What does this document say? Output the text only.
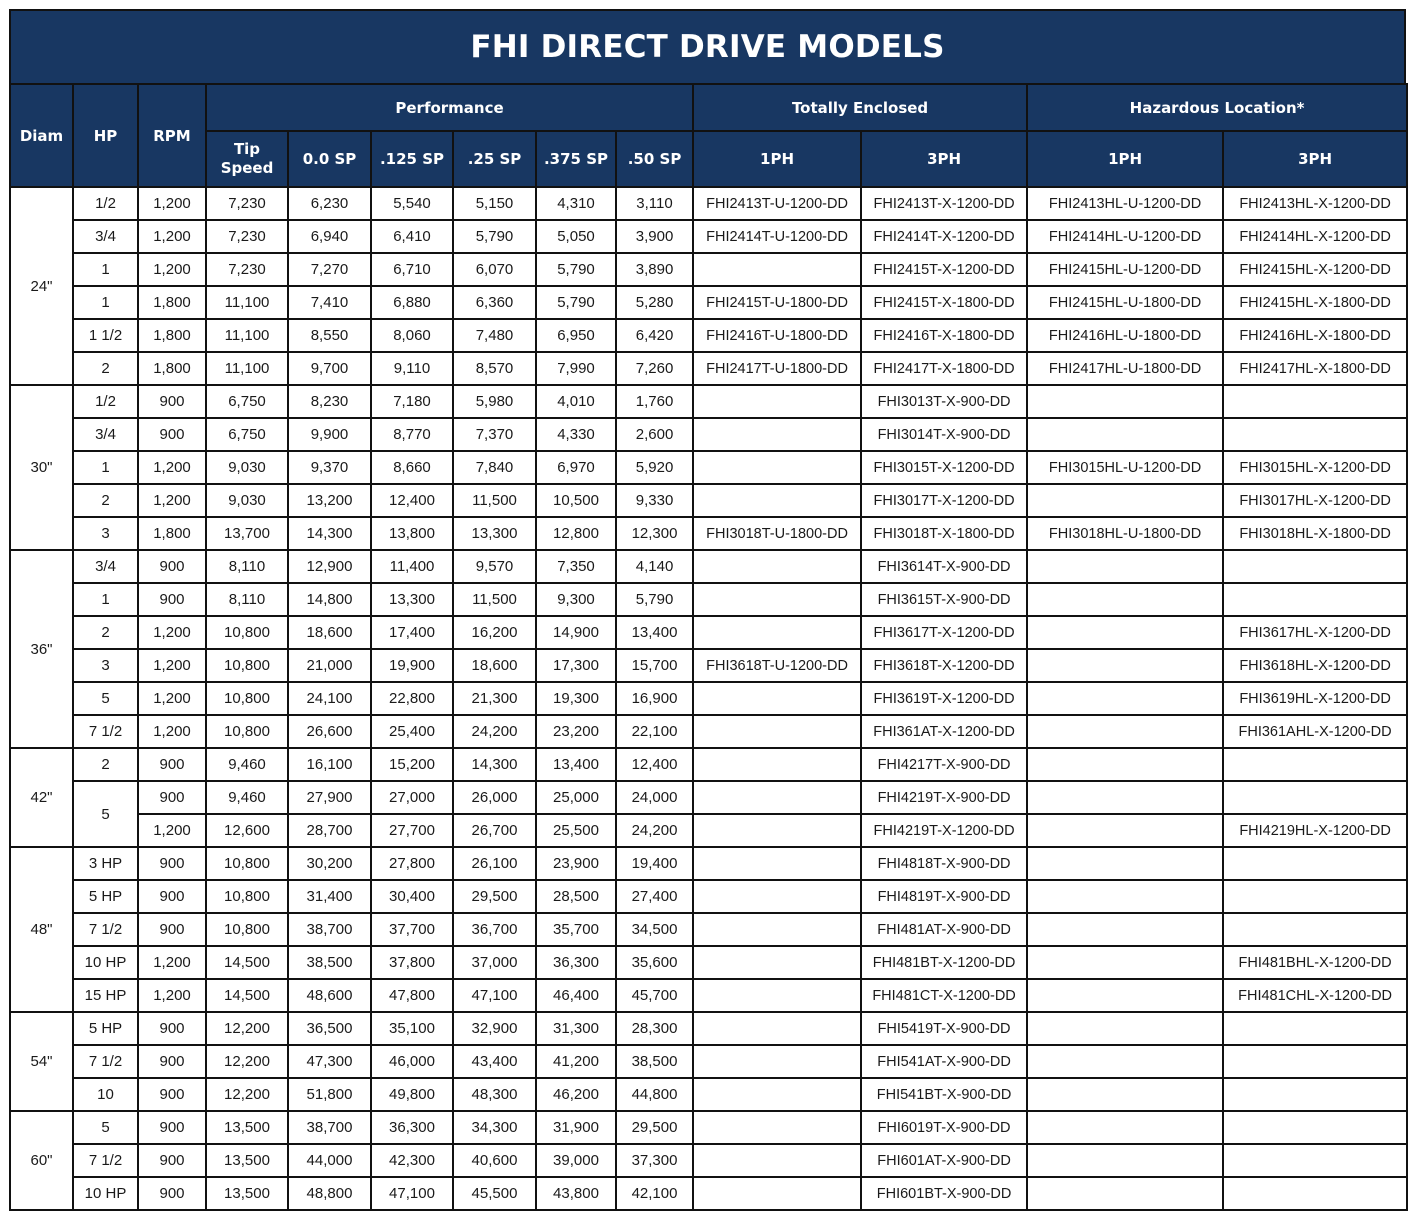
FHI DIRECT DRIVE MODELS
Diam	HP	RPM	Performance						Totally Enclosed		Hazardous Location*	
			Tip Speed	0.0 SP	.125 SP	.25 SP	.375 SP	.50 SP	1PH	3PH	1PH	3PH
24"	1/2	1,200	7,230	6,230	5,540	5,150	4,310	3,110	FHI2413T-U-1200-DD	FHI2413T-X-1200-DD	FHI2413HL-U-1200-DD	FHI2413HL-X-1200-DD
	3/4	1,200	7,230	6,940	6,410	5,790	5,050	3,900	FHI2414T-U-1200-DD	FHI2414T-X-1200-DD	FHI2414HL-U-1200-DD	FHI2414HL-X-1200-DD
	1	1,200	7,230	7,270	6,710	6,070	5,790	3,890		FHI2415T-X-1200-DD	FHI2415HL-U-1200-DD	FHI2415HL-X-1200-DD
	1	1,800	11,100	7,410	6,880	6,360	5,790	5,280	FHI2415T-U-1800-DD	FHI2415T-X-1800-DD	FHI2415HL-U-1800-DD	FHI2415HL-X-1800-DD
	1 1/2	1,800	11,100	8,550	8,060	7,480	6,950	6,420	FHI2416T-U-1800-DD	FHI2416T-X-1800-DD	FHI2416HL-U-1800-DD	FHI2416HL-X-1800-DD
	2	1,800	11,100	9,700	9,110	8,570	7,990	7,260	FHI2417T-U-1800-DD	FHI2417T-X-1800-DD	FHI2417HL-U-1800-DD	FHI2417HL-X-1800-DD
30"	1/2	900	6,750	8,230	7,180	5,980	4,010	1,760		FHI3013T-X-900-DD		
	3/4	900	6,750	9,900	8,770	7,370	4,330	2,600		FHI3014T-X-900-DD		
	1	1,200	9,030	9,370	8,660	7,840	6,970	5,920		FHI3015T-X-1200-DD	FHI3015HL-U-1200-DD	FHI3015HL-X-1200-DD
	2	1,200	9,030	13,200	12,400	11,500	10,500	9,330		FHI3017T-X-1200-DD		FHI3017HL-X-1200-DD
	3	1,800	13,700	14,300	13,800	13,300	12,800	12,300	FHI3018T-U-1800-DD	FHI3018T-X-1800-DD	FHI3018HL-U-1800-DD	FHI3018HL-X-1800-DD
36"	3/4	900	8,110	12,900	11,400	9,570	7,350	4,140		FHI3614T-X-900-DD		
	1	900	8,110	14,800	13,300	11,500	9,300	5,790		FHI3615T-X-900-DD		
	2	1,200	10,800	18,600	17,400	16,200	14,900	13,400		FHI3617T-X-1200-DD		FHI3617HL-X-1200-DD
	3	1,200	10,800	21,000	19,900	18,600	17,300	15,700	FHI3618T-U-1200-DD	FHI3618T-X-1200-DD		FHI3618HL-X-1200-DD
	5	1,200	10,800	24,100	22,800	21,300	19,300	16,900		FHI3619T-X-1200-DD		FHI3619HL-X-1200-DD
	7 1/2	1,200	10,800	26,600	25,400	24,200	23,200	22,100		FHI361AT-X-1200-DD		FHI361AHL-X-1200-DD
42"	2	900	9,460	16,100	15,200	14,300	13,400	12,400		FHI4217T-X-900-DD		
	5	900	9,460	27,900	27,000	26,000	25,000	24,000		FHI4219T-X-900-DD		
		1,200	12,600	28,700	27,700	26,700	25,500	24,200		FHI4219T-X-1200-DD		FHI4219HL-X-1200-DD
48"	3 HP	900	10,800	30,200	27,800	26,100	23,900	19,400		FHI4818T-X-900-DD		
	5 HP	900	10,800	31,400	30,400	29,500	28,500	27,400		FHI4819T-X-900-DD		
	7 1/2	900	10,800	38,700	37,700	36,700	35,700	34,500		FHI481AT-X-900-DD		
	10 HP	1,200	14,500	38,500	37,800	37,000	36,300	35,600		FHI481BT-X-1200-DD		FHI481BHL-X-1200-DD
	15 HP	1,200	14,500	48,600	47,800	47,100	46,400	45,700		FHI481CT-X-1200-DD		FHI481CHL-X-1200-DD
54"	5 HP	900	12,200	36,500	35,100	32,900	31,300	28,300		FHI5419T-X-900-DD		
	7 1/2	900	12,200	47,300	46,000	43,400	41,200	38,500		FHI541AT-X-900-DD		
	10	900	12,200	51,800	49,800	48,300	46,200	44,800		FHI541BT-X-900-DD		
60"	5	900	13,500	38,700	36,300	34,300	31,900	29,500		FHI6019T-X-900-DD		
	7 1/2	900	13,500	44,000	42,300	40,600	39,000	37,300		FHI601AT-X-900-DD		
	10 HP	900	13,500	48,800	47,100	45,500	43,800	42,100		FHI601BT-X-900-DD		
